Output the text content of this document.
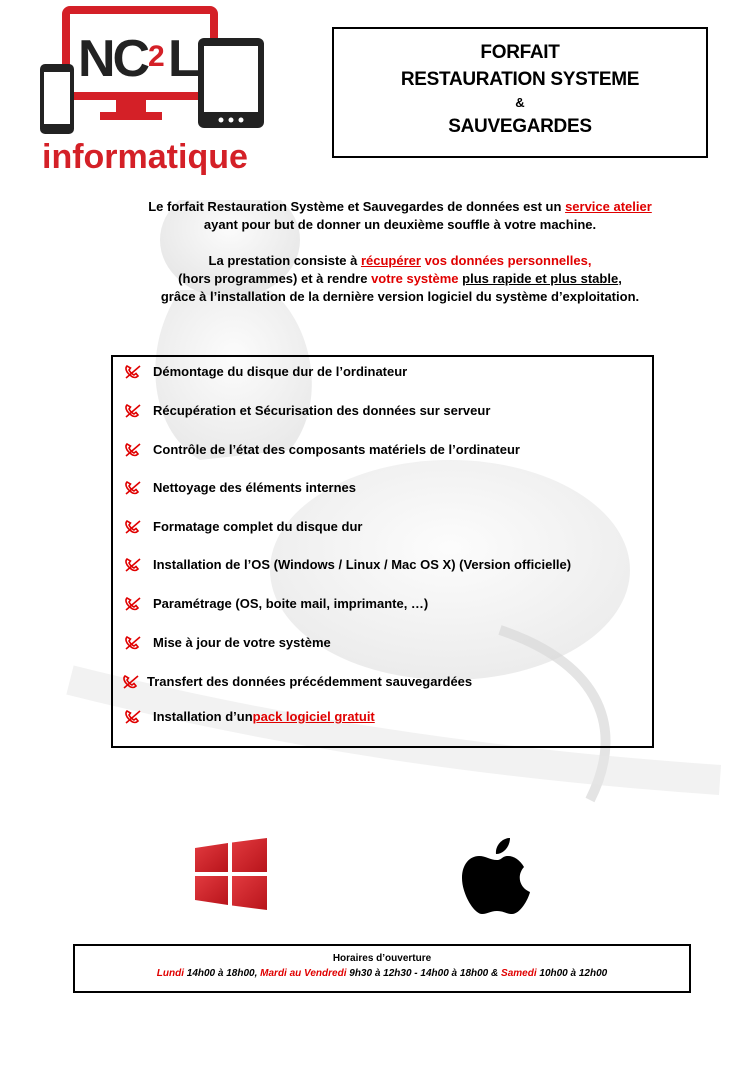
NC 2 L
informatique
FORFAIT
RESTAURATION SYSTEME
&
SAUVEGARDES
Le forfait Restauration Système et Sauvegardes de données est un service atelier
ayant pour but de donner un deuxième souffle à votre machine.
La prestation consiste à récupérer vos données personnelles,
(hors programmes) et à rendre votre système plus rapide et plus stable,
grâce à l’installation de la dernière version logiciel du système d’exploitation.
Démontage du disque dur de l’ordinateur
Récupération et Sécurisation des données sur serveur
Contrôle de l’état des composants matériels de l’ordinateur
Nettoyage des éléments internes
Formatage complet du disque dur
Installation de l’OS (Windows / Linux / Mac OS X) (Version officielle)
Paramétrage (OS, boite mail, imprimante, …)
Mise à jour de votre système
Transfert des données précédemment sauvegardées
Installation d’un pack logiciel gratuit
Horaires d’ouverture
Lundi 14h00 à 18h00, Mardi au Vendredi 9h30 à 12h30 - 14h00 à 18h00 & Samedi 10h00 à 12h00
